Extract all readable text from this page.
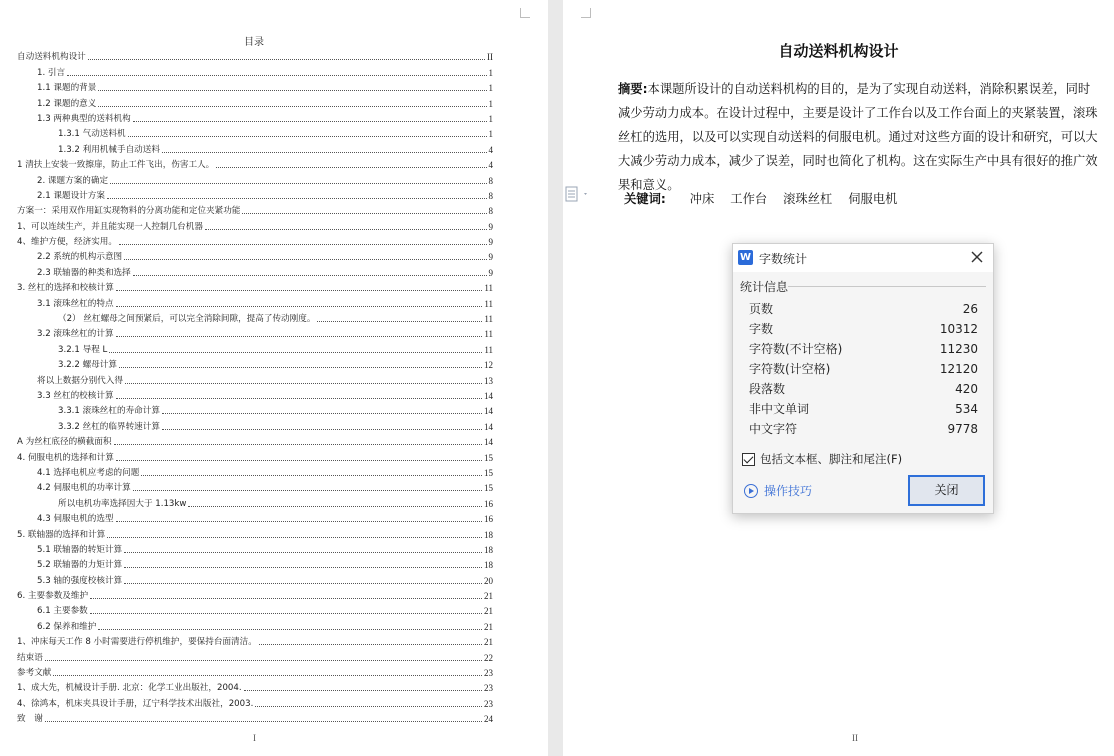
目录
自动送料机构设计	II
1. 引言	1
1.1 课题的背景	1
1.2 课题的意义	1
1.3 两种典型的送料机构	1
1.3.1 气动送料机	1
1.3.2 利用机械手自动送料	4
1 清扶上安装一致擦扉，防止工件飞出，伤害工人。	4
2. 课题方案的确定	8
2.1 课题设计方案	8
方案一：采用双作用缸实现物料的分离功能和定位夹紧功能	8
1、可以连续生产，并且能实现一人控制几台机器	9
4、维护方便，经济实用。	9
2.2 系统的机构示意图	9
2.3 联轴器的种类和选择	9
3. 丝杠的选择和校核计算	11
3.1 滚珠丝杠的特点	11
（2） 丝杠螺母之间预紧后，可以完全消除间隙，提高了传动刚度。	11
3.2 滚珠丝杠的计算	11
3.2.1 导程 L	11
3.2.2 螺母计算	12
将以上数据分别代入得	13
3.3 丝杠的校核计算	14
3.3.1 滚珠丝杠的寿命计算	14
3.3.2 丝杠的临界转速计算	14
A 为丝杠底径的横截面积	14
4. 伺服电机的选择和计算	15
4.1 选择电机应考虑的问题	15
4.2 伺服电机的功率计算	15
所以电机功率选择因大于 1.13kw	16
4.3 伺服电机的选型	16
5. 联轴器的选择和计算	18
5.1 联轴器的转矩计算	18
5.2 联轴器的力矩计算	18
5.3 轴的强度校核计算	20
6. 主要参数及维护	21
6.1 主要参数	21
6.2 保养和维护	21
1、冲床每天工作 8 小时需要进行停机维护，要保持台面清洁。	21
结束语	22
参考文献	23
1、成大先，机械设计手册. 北京：化学工业出版社，2004.	23
4、徐鸿本，机床夹具设计手册，辽宁科学技术出版社，2003.	23
致　谢	24
I
自动送料机构设计
摘要:本课题所设计的自动送料机构的目的，是为了实现自动送料，消除积累误差，同时减少劳动力成本。在设计过程中，主要是设计了工作台以及工作台面上的夹紧装置，滚珠丝杠的选用，以及可以实现自动送料的伺服电机。通过对这些方面的设计和研究，可以大大减少劳动力成本，减少了误差，同时也简化了机构。这在实际生产中具有很好的推广效果和意义。
关键词: 冲床 工作台 滚珠丝杠 伺服电机
II
W 字数统计
统计信息
页数	26
字数	10312
字符数(不计空格)	11230
字符数(计空格)	12120
段落数	420
非中文单词	534
中文字符	9778
包括文本框、脚注和尾注(F)
操作技巧	关闭
